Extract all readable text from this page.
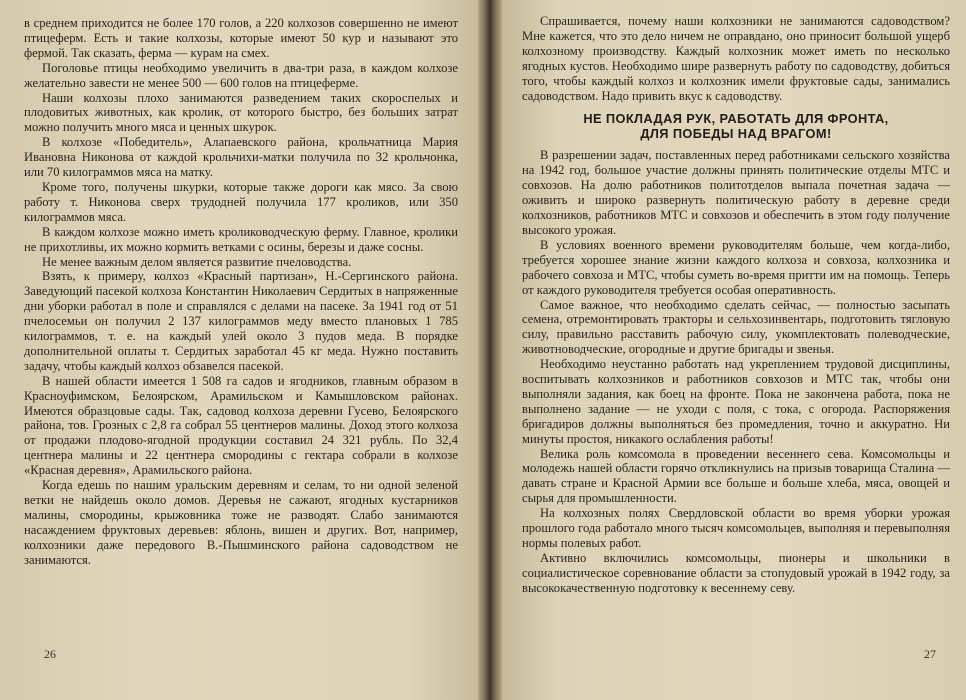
в среднем приходится не более 170 голов, а 220 колхозов совершенно не имеют птицеферм. Есть и такие колхозы, которые имеют 50 кур и называют это фермой. Так сказать, ферма — курам на смех.

Поголовье птицы необходимо увеличить в два-три раза, в каждом колхозе желательно завести не менее 500 — 600 голов на птицеферме.

Наши колхозы плохо занимаются разведением таких скороспелых и плодовитых животных, как кролик, от которого быстро, без больших затрат можно получить много мяса и ценных шкурок.

В колхозе «Победитель», Алапаевского района, крольчатница Мария Ивановна Никонова от каждой крольчихи-матки получила по 32 крольчонка, или 70 килограммов мяса на матку.

Кроме того, получены шкурки, которые также дороги как мясо. За свою работу т. Никонова сверх трудодней получила 177 кроликов, или 350 килограммов мяса.

В каждом колхозе можно иметь кролиководческую ферму. Главное, кролики не прихотливы, их можно кормить ветками с осины, березы и даже сосны.

Не менее важным делом является развитие пчеловодства.

Взять, к примеру, колхоз «Красный партизан», Н.-Сергинского района. Заведующий пасекой колхоза Константин Николаевич Сердитых в напряженные дни уборки работал в поле и справлялся с делами на пасеке. За 1941 год от 51 пчелосемьи он получил 2 137 килограммов меду вместо плановых 1 785 килограммов, т. е. на каждый улей около 3 пудов меда. В порядке дополнительной оплаты т. Сердитых заработал 45 кг меда. Нужно поставить задачу, чтобы каждый колхоз обзавелся пасекой.

В нашей области имеется 1 508 га садов и ягодников, главным образом в Красноуфимском, Белоярском, Арамильском и Камышловском районах. Имеются образцовые сады. Так, садовод колхоза деревни Гусево, Белоярского района, тов. Грозных с 2,8 га собрал 55 центнеров малины. Доход этого колхоза от продажи плодово-ягодной продукции составил 24 321 рубль. По 32,4 центнера малины и 22 центнера смородины с гектара собрали в колхозе «Красная деревня», Арамильского района.

Когда едешь по нашим уральским деревням и селам, то ни одной зеленой ветки не найдешь около домов. Деревья не сажают, ягодных кустарников малины, смородины, крыжовника тоже не разводят. Слабо занимаются насаждением фруктовых деревьев: яблонь, вишен и других. Вот, например, колхозники даже передового В.-Пышминского района садоводством не занимаются.

26

Спрашивается, почему наши колхозники не занимаются садоводством? Мне кажется, что это дело ничем не оправдано, оно приносит большой ущерб колхозному производству. Каждый колхозник может иметь по несколько ягодных кустов. Необходимо шире развернуть работу по садоводству, добиться того, чтобы каждый колхоз и колхозник имели фруктовые сады, занимались садоводством. Надо привить вкус к садоводству.

НЕ ПОКЛАДАЯ РУК, РАБОТАТЬ ДЛЯ ФРОНТА,
ДЛЯ ПОБЕДЫ НАД ВРАГОМ!

В разрешении задач, поставленных перед работниками сельского хозяйства на 1942 год, большое участие должны принять политические отделы МТС и совхозов. На долю работников политотделов выпала почетная задача — оживить и широко развернуть политическую работу в деревне среди колхозников, работников МТС и совхозов и обеспечить в этом году получение высокого урожая.

В условиях военного времени руководителям больше, чем когда-либо, требуется хорошее знание жизни каждого колхоза и совхоза, колхозника и рабочего совхоза и МТС, чтобы суметь во-время притти им на помощь. Теперь от каждого руководителя требуется особая оперативность.

Самое важное, что необходимо сделать сейчас, — полностью засыпать семена, отремонтировать тракторы и сельхозинвентарь, подготовить тягловую силу, правильно расставить рабочую силу, укомплектовать полеводческие, животноводческие, огородные и другие бригады и звенья.

Необходимо неустанно работать над укреплением трудовой дисциплины, воспитывать колхозников и работников совхозов и МТС так, чтобы они выполняли задания, как боец на фронте. Пока не закончена работа, пока не выполнено задание — не уходи с поля, с тока, с огорода. Распоряжения бригадиров должны выполняться без промедления, точно и аккуратно. Ни минуты простоя, никакого ослабления работы!

Велика роль комсомола в проведении весеннего сева. Комсомольцы и молодежь нашей области горячо откликнулись на призыв товарища Сталина — давать стране и Красной Армии все больше и больше хлеба, мяса, овощей и сырья для промышленности.

На колхозных полях Свердловской области во время уборки урожая прошлого года работало много тысяч комсомольцев, выполняя и перевыполняя нормы полевых работ.

Активно включились комсомольцы, пионеры и школьники в социалистическое соревнование области за стопудовый урожай в 1942 году, за высококачественную подготовку к весеннему севу.

27
